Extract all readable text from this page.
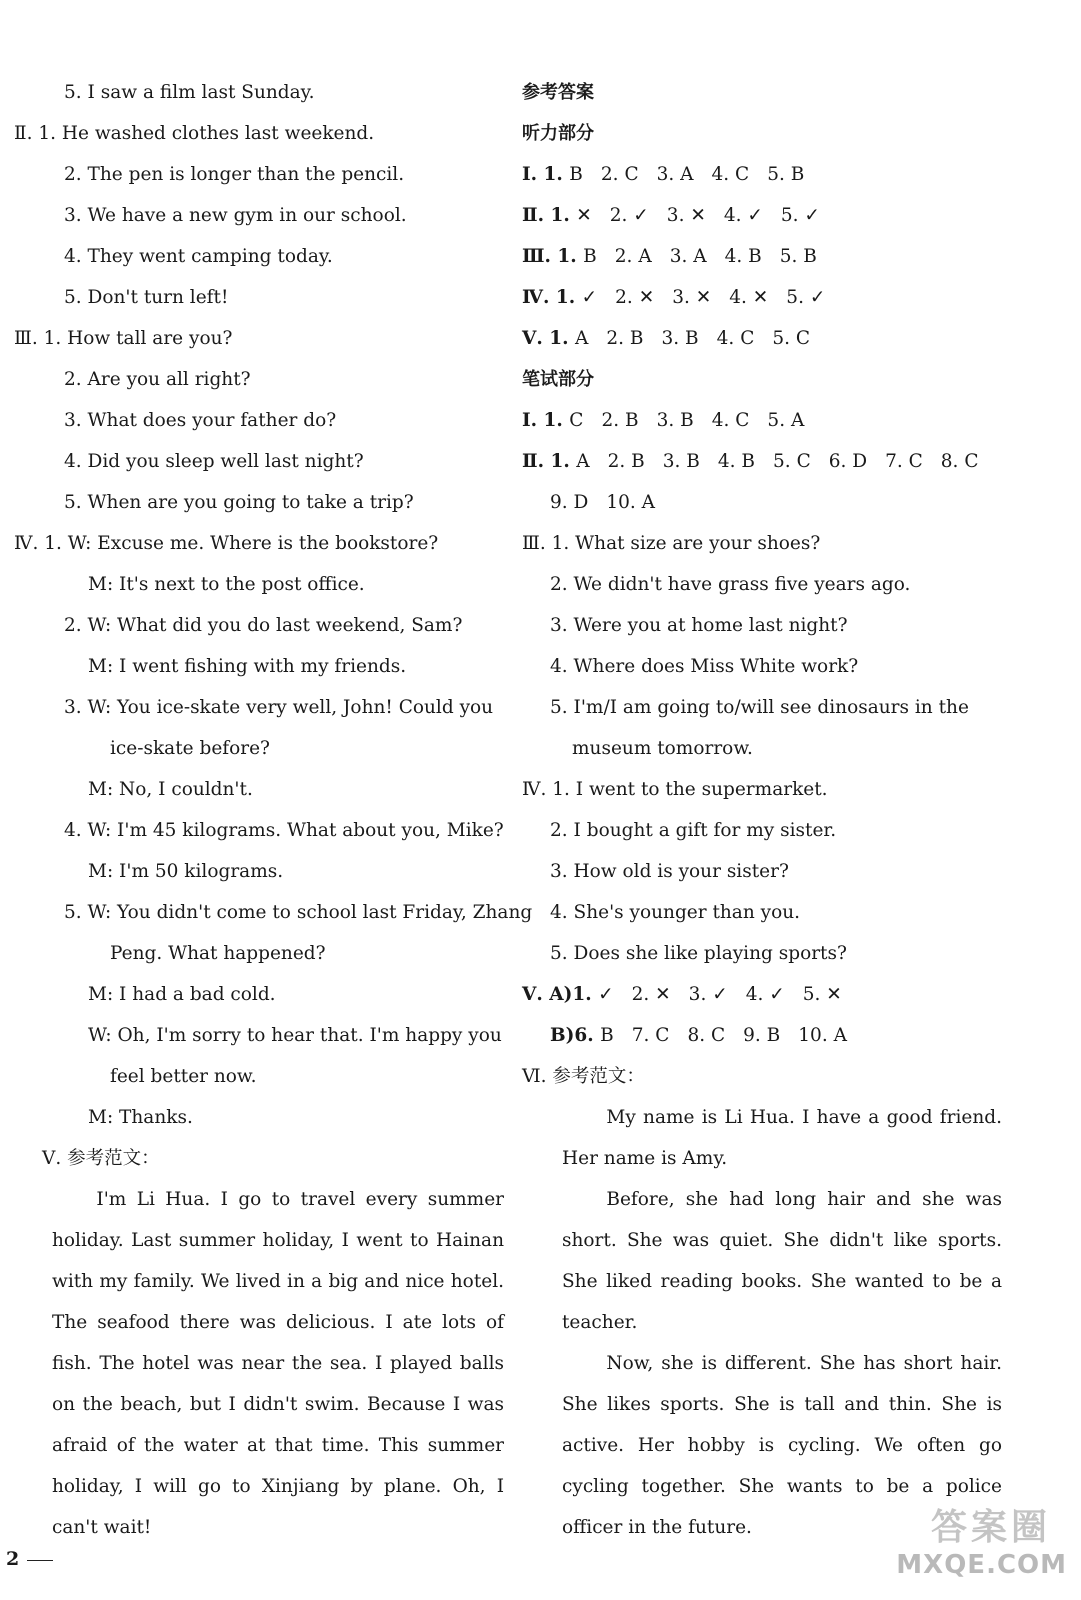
5. I saw a film last Sunday.
Ⅱ. 1. He washed clothes last weekend.
2. The pen is longer than the pencil.
3. We have a new gym in our school.
4. They went camping today.
5. Don't turn left!
Ⅲ. 1. How tall are you?
2. Are you all right?
3. What does your father do?
4. Did you sleep well last night?
5. When are you going to take a trip?
Ⅳ. 1. W: Excuse me. Where is the bookstore?
M: It's next to the post office.
2. W: What did you do last weekend, Sam?
M: I went fishing with my friends.
3. W: You ice-skate very well, John! Could you
ice-skate before?
M: No, I couldn't.
4. W: I'm 45 kilograms. What about you, Mike?
M: I'm 50 kilograms.
5. W: You didn't come to school last Friday, Zhang
Peng. What happened?
M: I had a bad cold.
W: Oh, I'm sorry to hear that. I'm happy you
feel better now.
M: Thanks.
Ⅴ. 参考范文：

I'm Li Hua. I go to travel every summer holiday. Last summer holiday, I went to Hainan with my family. We lived in a big and nice hotel. The seafood there was delicious. I ate lots of fish. The hotel was near the sea. I played balls on the beach, but I didn't swim. Because I was afraid of the water at that time. This summer holiday, I will go to Xinjiang by plane. Oh, I can't wait!

参考答案
听力部分
Ⅰ. 1. B 2. C 3. A 4. C 5. B
Ⅱ. 1. ✕ 2. ✓ 3. ✕ 4. ✓ 5. ✓
Ⅲ. 1. B 2. A 3. A 4. B 5. B
Ⅳ. 1. ✓ 2. ✕ 3. ✕ 4. ✕ 5. ✓
Ⅴ. 1. A 2. B 3. B 4. C 5. C
笔试部分
Ⅰ. 1. C 2. B 3. B 4. C 5. A
Ⅱ. 1. A 2. B 3. B 4. B 5. C 6. D 7. C 8. C
9. D 10. A
Ⅲ. 1. What size are your shoes?
2. We didn't have grass five years ago.
3. Were you at home last night?
4. Where does Miss White work?
5. I'm/I am going to/will see dinosaurs in the
museum tomorrow.
Ⅳ. 1. I went to the supermarket.
2. I bought a gift for my sister.
3. How old is your sister?
4. She's younger than you.
5. Does she like playing sports?
Ⅴ. A)1. ✓ 2. ✕ 3. ✓ 4. ✓ 5. ✕
B)6. B 7. C 8. C 9. B 10. A
Ⅵ. 参考范文：

My name is Li Hua. I have a good friend. Her name is Amy.

Before, she had long hair and she was short. She was quiet. She didn't like sports. She liked reading books. She wanted to be a teacher.

Now, she is different. She has short hair. She likes sports. She is tall and thin. She is active. Her hobby is cycling. We often go cycling together. She wants to be a police officer in the future.

2
答案圈
MXQE.COM
